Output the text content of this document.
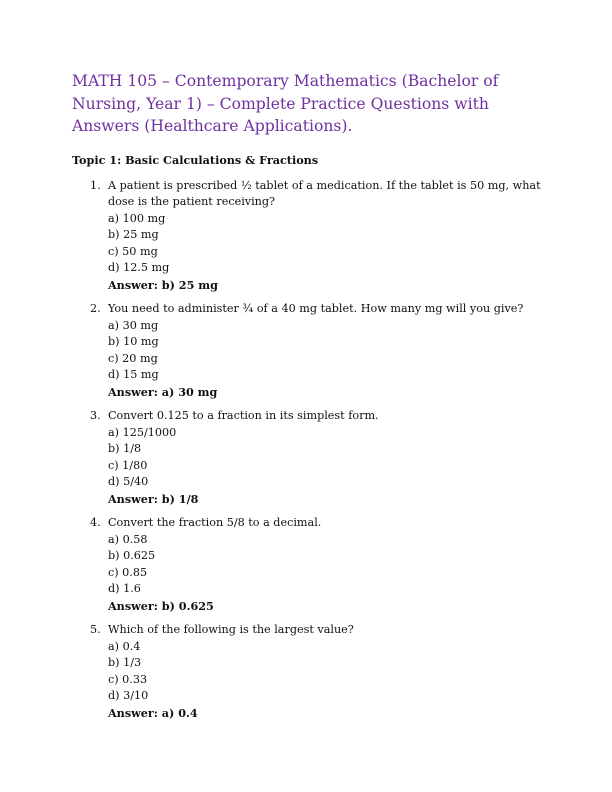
MATH 105 – Contemporary Mathematics (Bachelor of Nursing, Year 1) – Complete Practice Questions with Answers (Healthcare Applications).
Topic 1: Basic Calculations & Fractions
1. A patient is prescribed ½ tablet of a medication. If the tablet is 50 mg, what dose is the patient receiving?
a) 100 mg
b) 25 mg
c) 50 mg
d) 12.5 mg
Answer: b) 25 mg
2. You need to administer ¾ of a 40 mg tablet. How many mg will you give?
a) 30 mg
b) 10 mg
c) 20 mg
d) 15 mg
Answer: a) 30 mg
3. Convert 0.125 to a fraction in its simplest form.
a) 125/1000
b) 1/8
c) 1/80
d) 5/40
Answer: b) 1/8
4. Convert the fraction 5/8 to a decimal.
a) 0.58
b) 0.625
c) 0.85
d) 1.6
Answer: b) 0.625
5. Which of the following is the largest value?
a) 0.4
b) 1/3
c) 0.33
d) 3/10
Answer: a) 0.4
